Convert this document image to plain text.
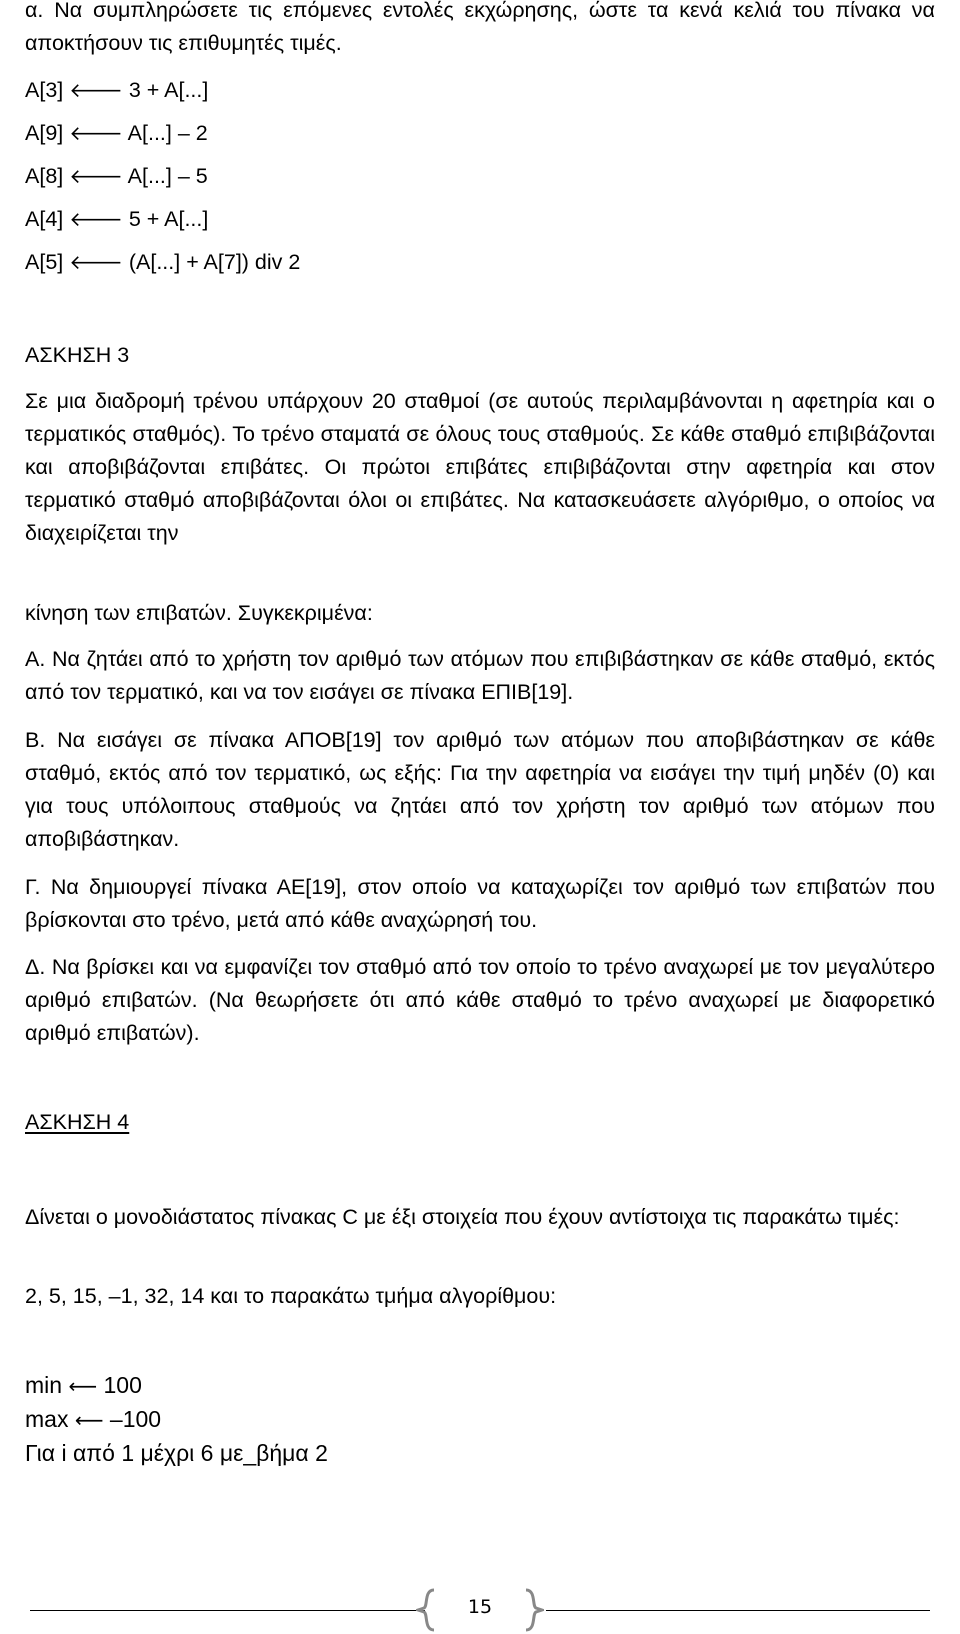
α. Να συμπληρώσετε τις επόμενες εντολές εκχώρησης, ώστε τα κενά κελιά του πίνακα να αποκτήσουν τις επιθυμητές τιμές.

A[3] 🡐 3 + A[...]

A[9] 🡐 A[...] – 2

A[8] 🡐 A[...] – 5

A[4] 🡐 5 + A[...]

A[5] 🡐 (A[...] + A[7]) div 2

ΑΣΚΗΣΗ 3

Σε μια διαδρομή τρένου υπάρχουν 20 σταθμοί (σε αυτούς περιλαμβάνονται η αφετηρία και ο τερματικός σταθμός). Το τρένο σταματά σε όλους τους σταθμούς. Σε κάθε σταθμό επιβιβάζονται και αποβιβάζονται επιβάτες. Οι πρώτοι επιβάτες επιβιβάζονται στην αφετηρία και στον τερματικό σταθμό αποβιβάζονται όλοι οι επιβάτες. Να κατασκευάσετε αλγόριθμο, ο οποίος να διαχειρίζεται την

κίνηση των επιβατών. Συγκεκριμένα:

Α. Να ζητάει από το χρήστη τον αριθμό των ατόμων που επιβιβάστηκαν σε κάθε σταθμό, εκτός από τον τερματικό, και να τον εισάγει σε πίνακα ΕΠΙΒ[19].

Β. Να εισάγει σε πίνακα ΑΠΟΒ[19] τον αριθμό των ατόμων που αποβιβάστηκαν σε κάθε σταθμό, εκτός από τον τερματικό, ως εξής: Για την αφετηρία να εισάγει την τιμή μηδέν (0) και για τους υπόλοιπους σταθμούς να ζητάει από τον χρήστη τον αριθμό των ατόμων που αποβιβάστηκαν.

Γ. Να δημιουργεί πίνακα ΑΕ[19], στον οποίο να καταχωρίζει τον αριθμό των επιβατών που βρίσκονται στο τρένο, μετά από κάθε αναχώρησή του.

Δ. Να βρίσκει και να εμφανίζει τον σταθμό από τον οποίο το τρένο αναχωρεί με τον μεγαλύτερο αριθμό επιβατών. (Να θεωρήσετε ότι από κάθε σταθμό το τρένο αναχωρεί με διαφορετικό αριθμό επιβατών).

ΑΣΚΗΣΗ 4

Δίνεται ο μονοδιάστατος πίνακας C με έξι στοιχεία που έχουν αντίστοιχα τις παρακάτω τιμές:

2, 5, 15, –1, 32, 14 και το παρακάτω τμήμα αλγορίθμου:

min ⟵ 100

max ⟵ –100

Για i από 1 μέχρι 6 με_βήμα 2

15
